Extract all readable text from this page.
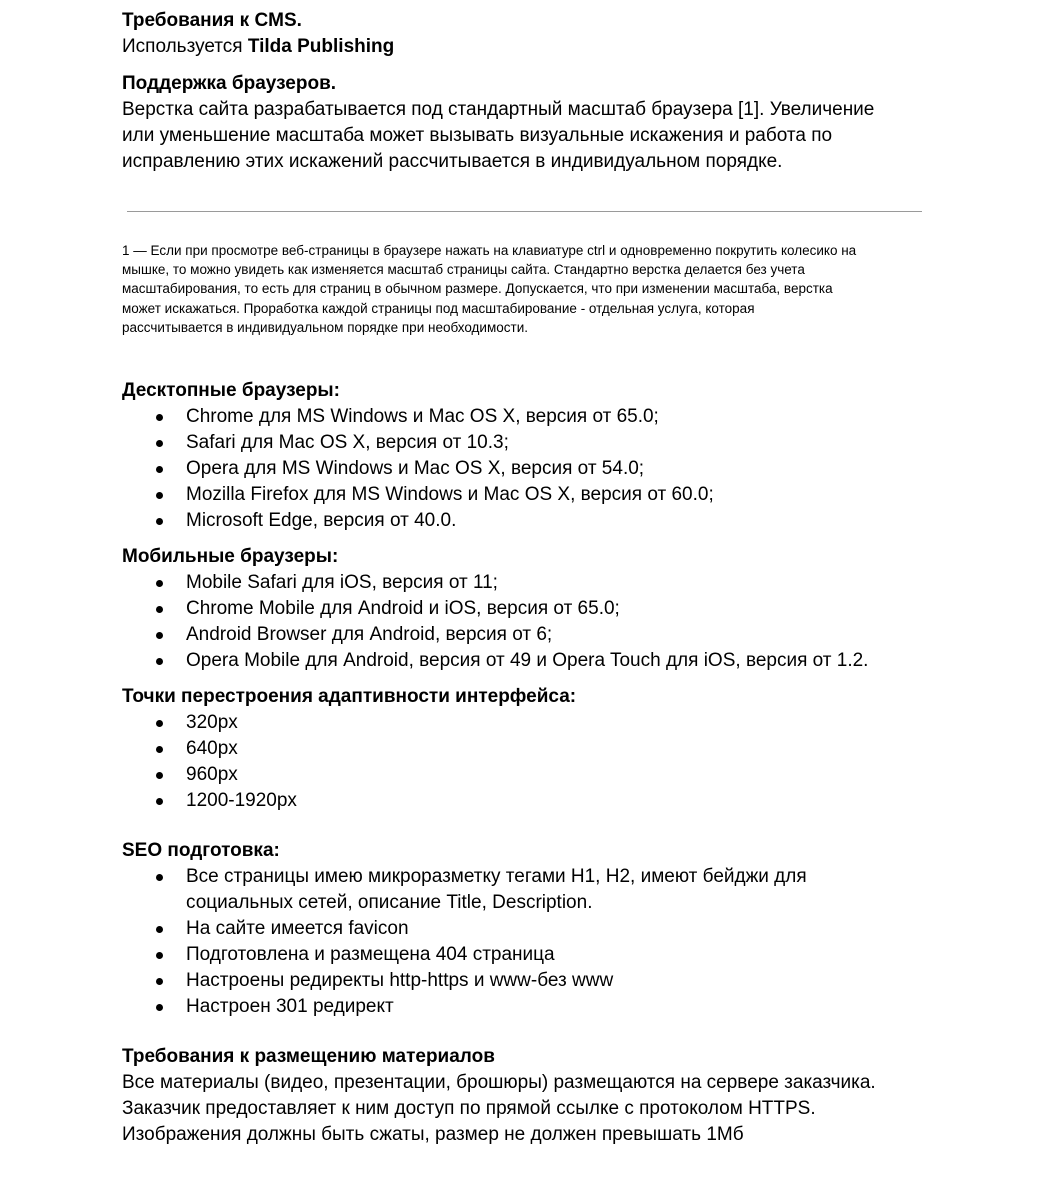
Требования к CMS.

Используется Tilda Publishing

Поддержка браузеров.

Верстка сайта разрабатывается под стандартный масштаб браузера [1]. Увеличение

или уменьшение масштаба может вызывать визуальные искажения и работа по

исправлению этих искажений рассчитывается в индивидуальном порядке.

1 — Если при просмотре веб-страницы в браузере нажать на клавиатуре ctrl и одновременно покрутить колесико на

мышке, то можно увидеть как изменяется масштаб страницы сайта. Стандартно верстка делается без учета

масштабирования, то есть для страниц в обычном размере. Допускается, что при изменении масштаба, верстка

может искажаться. Проработка каждой страницы под масштабирование - отдельная услуга, которая

рассчитывается в индивидуальном порядке при необходимости.

Десктопные браузеры:

Chrome для MS Windows и Mac OS X, версия от 65.0;
Safari для Mac OS X, версия от 10.3;
Opera для MS Windows и Mac OS X, версия от 54.0;
Mozilla Firefox для MS Windows и Mac OS X, версия от 60.0;
Microsoft Edge, версия от 40.0.

Мобильные браузеры:

Mobile Safari для iOS, версия от 11;
Chrome Mobile для Android и iOS, версия от 65.0;
Android Browser для Android, версия от 6;
Opera Mobile для Android, версия от 49 и Opera Touch для iOS, версия от 1.2.

Точки перестроения адаптивности интерфейса:

320px
640px
960px
1200-1920px

SEO подготовка:

Все страницы имею микроразметку тегами H1, H2, имеют бейджи для
социальных сетей, описание Title, Description.
На сайте имеется favicon
Подготовлена и размещена 404 страница
Настроены редиректы http-https и www-без www
Настроен 301 редирект

Требования к размещению материалов

Все материалы (видео, презентации, брошюры) размещаются на сервере заказчика.

Заказчик предоставляет к ним доступ по прямой ссылке с протоколом HTTPS.

Изображения должны быть сжаты, размер не должен превышать 1Мб
